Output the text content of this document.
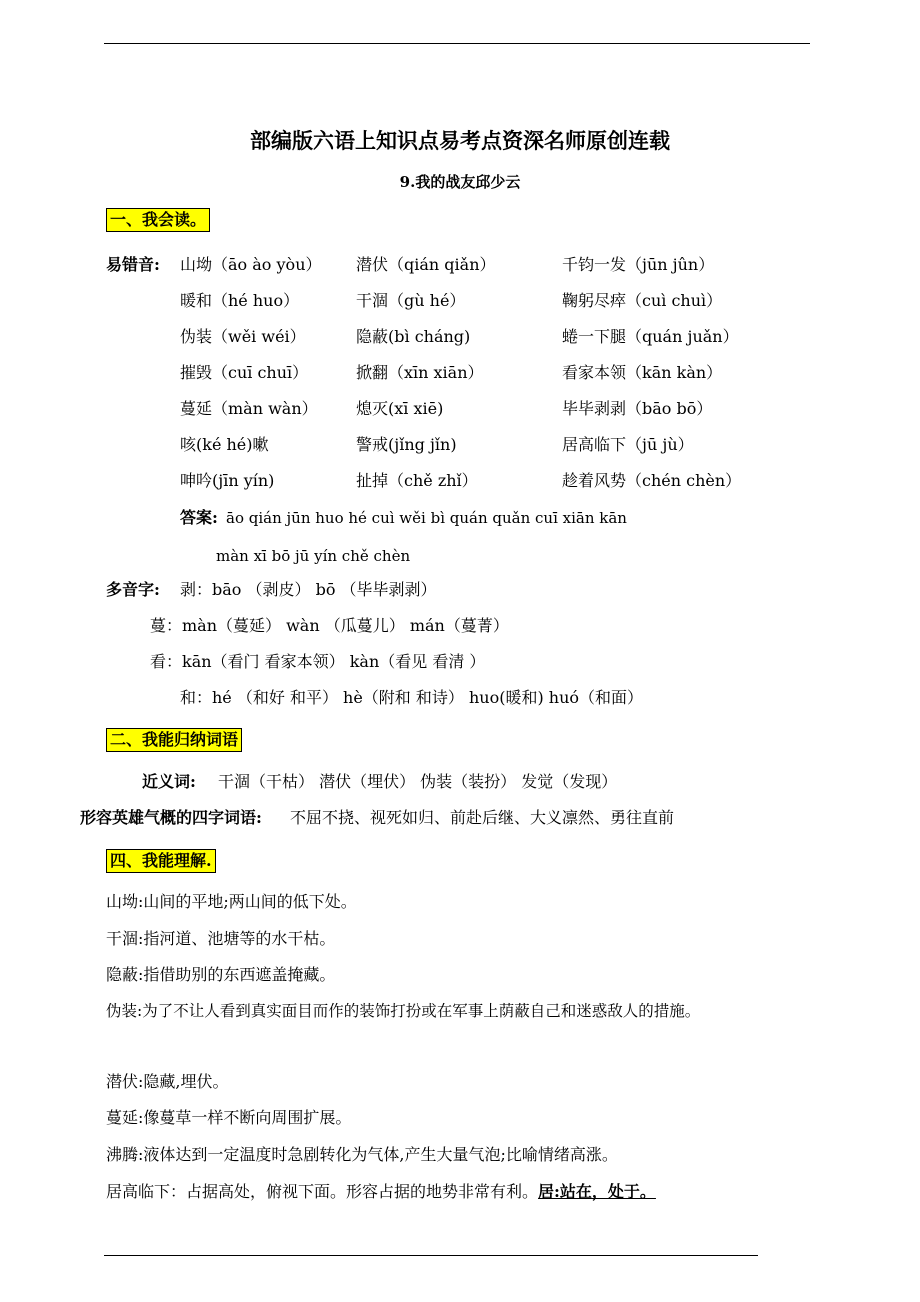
部编版六语上知识点易考点资深名师原创连载
9.我的战友邱少云
一、我会读。
易错音: 山坳（āo ào yòu） 潜伏（qián qiǎn）	千钧一发（jūn jûn）
暖和（hé huo）	干涸（gù hé）	鞠躬尽瘁（cuì chuì）
伪装（wěi wéi）	隐蔽(bì cháng)	蜷一下腿（quán juǎn）
摧毁（cuī chuī）	掀翻（xīn xiān）	看家本领（kān kàn）
蔓延（màn wàn） 熄灭(xī xiē)	毕毕剥剥（bāo bō）
咳(ké hé)嗽	警戒(jǐng jǐn)	居高临下（jū jù）
呻吟(jīn yín)	扯掉（chě zhǐ）	趁着风势（chén chèn）
答案: āo qián jūn huo hé cuì wěi bì quán quǎn cuī xiān kān
màn xī bō jū yín chě chèn
多音字: 剥：bāo （剥皮） bō （毕毕剥剥）
蔓：màn（蔓延） wàn （瓜蔓儿） mán（蔓菁）
看：kān（看门 看家本领） kàn（看见 看清 ）
和：hé （和好 和平） hè（附和 和诗） huo(暖和) huó（和面）
二、我能归纳词语
近义词: 干涸（干枯） 潜伏（埋伏） 伪装（装扮） 发觉（发现）
形容英雄气概的四字词语: 不屈不挠、视死如归、前赴后继、大义凛然、勇往直前
四、我能理解.
山坳:山间的平地;两山间的低下处。
干涸:指河道、池塘等的水干枯。
隐蔽:指借助别的东西遮盖掩藏。
伪装:为了不让人看到真实面目而作的装饰打扮或在军事上荫蔽自己和迷惑敌人的措施。
潜伏:隐藏,埋伏。
蔓延:像蔓草一样不断向周围扩展。
沸腾:液体达到一定温度时急剧转化为气体,产生大量气泡;比喻情绪高涨。
居高临下：占据高处，俯视下面。形容占据的地势非常有利。居:站在，处于。
